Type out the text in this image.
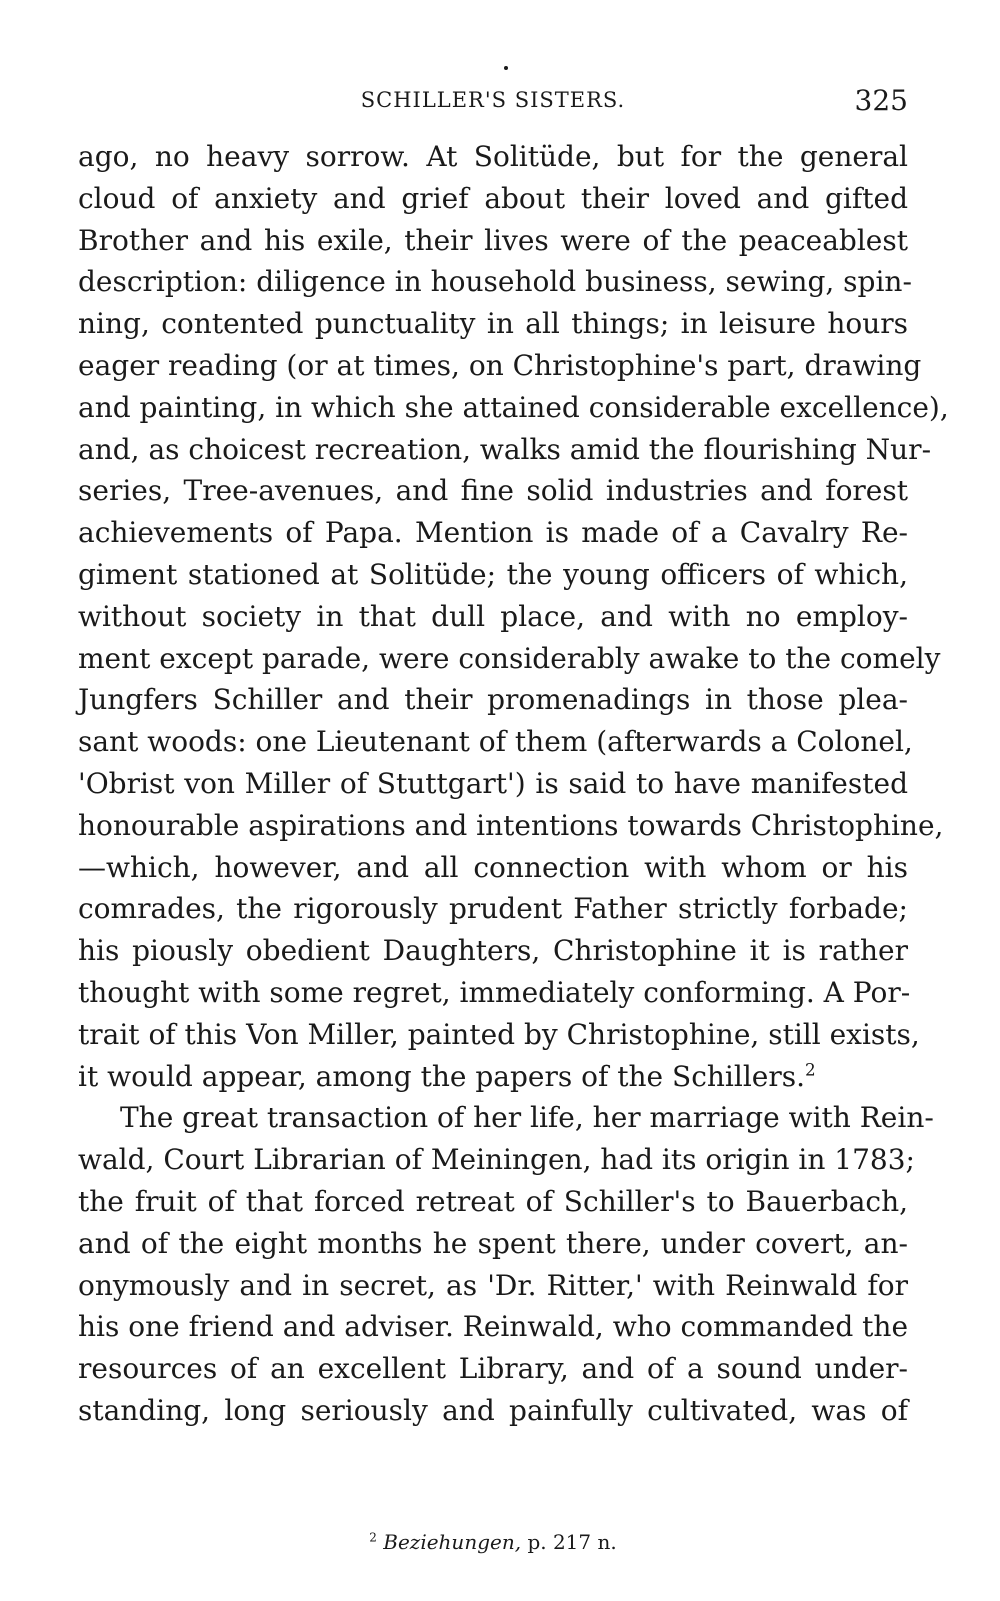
SCHILLER'S SISTERS.	325
ago, no heavy sorrow. At Solitüde, but for the general
cloud of anxiety and grief about their loved and gifted
Brother and his exile, their lives were of the peaceablest
description: diligence in household business, sewing, spin-
ning, contented punctuality in all things; in leisure hours
eager reading (or at times, on Christophine's part, drawing
and painting, in which she attained considerable excellence),
and, as choicest recreation, walks amid the flourishing Nur-
series, Tree-avenues, and fine solid industries and forest
achievements of Papa. Mention is made of a Cavalry Re-
giment stationed at Solitüde; the young officers of which,
without society in that dull place, and with no employ-
ment except parade, were considerably awake to the comely
Jungfers Schiller and their promenadings in those plea-
sant woods: one Lieutenant of them (afterwards a Colonel,
'Obrist von Miller of Stuttgart') is said to have manifested
honourable aspirations and intentions towards Christophine,
—which, however, and all connection with whom or his
comrades, the rigorously prudent Father strictly forbade;
his piously obedient Daughters, Christophine it is rather
thought with some regret, immediately conforming. A Por-
trait of this Von Miller, painted by Christophine, still exists,
it would appear, among the papers of the Schillers.$^2$
The great transaction of her life, her marriage with Rein-
wald, Court Librarian of Meiningen, had its origin in 1783;
the fruit of that forced retreat of Schiller's to Bauerbach,
and of the eight months he spent there, under covert, an-
onymously and in secret, as 'Dr. Ritter,' with Reinwald for
his one friend and adviser. Reinwald, who commanded the
resources of an excellent Library, and of a sound under-
standing, long seriously and painfully cultivated, was of
$^2$ Beziehungen, p. 217 n.
